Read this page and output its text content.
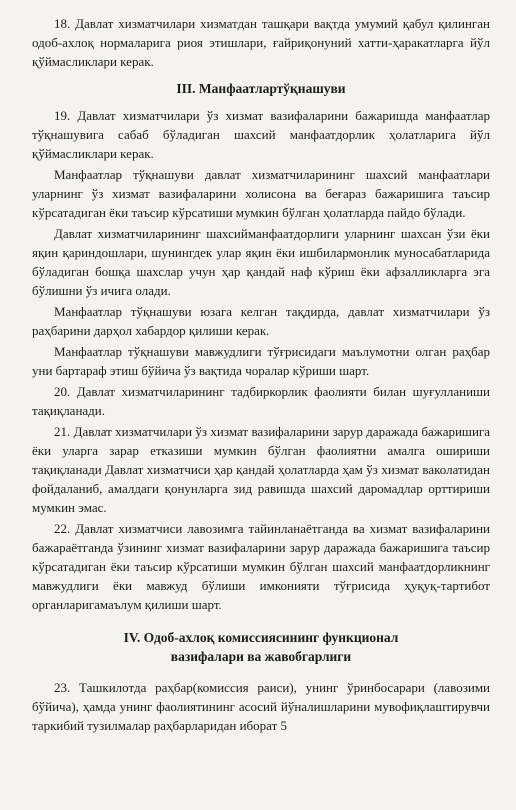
18. Давлат хизматчилари хизматдан ташқари вақтда умумий қабул қилинган одоб-ахлоқ нормаларига риоя этишлари, ғайриқонуний хатти-ҳаракатларга йўл қўймасликлари керак.

III. Манфаатлартўқнашуви

19. Давлат хизматчилари ўз хизмат вазифаларини бажаришда манфаатлар тўқнашувига сабаб бўладиган шахсий манфаатдорлик ҳолатларига йўл қўймасликлари керак.

Манфаатлар тўқнашуви давлат хизматчиларининг шахсий манфаатлари уларнинг ўз хизмат вазифаларини холисона ва беғараз бажаришига таъсир кўрсатадиган ёки таъсир кўрсатиши мумкин бўлган ҳолатларда пайдо бўлади.

Давлат хизматчиларининг шахсийманфаатдорлиги уларнинг шахсан ўзи ёки яқин қариндошлари, шунингдек улар яқин ёки ишбилармонлик муносабатларида бўладиган бошқа шахслар учун ҳар қандай наф кўриш ёки афзалликларга эга бўлишни ўз ичига олади.

Манфаатлар тўқнашуви юзага келган тақдирда, давлат хизматчилари ўз раҳбарини дарҳол хабардор қилиши керак.

Манфаатлар тўқнашуви мавжудлиги тўғрисидаги маълумотни олган раҳбар уни бартараф этиш бўйича ўз вақтида чоралар кўриши шарт.

20. Давлат хизматчиларининг тадбиркорлик фаолияти билан шуғулланиши тақиқланади.

21. Давлат хизматчилари ўз хизмат вазифаларини зарур даражада бажаришига ёки уларга зарар етказиши мумкин бўлган фаолиятни амалга ошириши тақиқланади Давлат хизматчиси ҳар қандай ҳолатларда ҳам ўз хизмат ваколатидан фойдаланиб, амалдаги қонунларга зид равишда шахсий даромадлар орттириши мумкин эмас.

22. Давлат хизматчиси лавозимга тайинланаётганда ва хизмат вазифаларини бажараётганда ўзининг хизмат вазифаларини зарур даражада бажаришига таъсир кўрсатадиган ёки таъсир кўрсатиши мумкин бўлган шахсий манфаатдорликнинг мавжудлиги ёки мавжуд бўлиши имконияти тўғрисида ҳуқуқ-тартибот органларигамаълум қилиши шарт.

IV. Одоб-ахлоқ комиссиясининг функционал
вазифалари ва жавобгарлиги

23. Ташкилотда раҳбар(комиссия раиси), унинг ўринбосарари (лавозими бўйича), ҳамда унинг фаолиятининг асосий йўналишларини мувофиқлаштирувчи таркибий тузилмалар раҳбарларидан иборат 5
